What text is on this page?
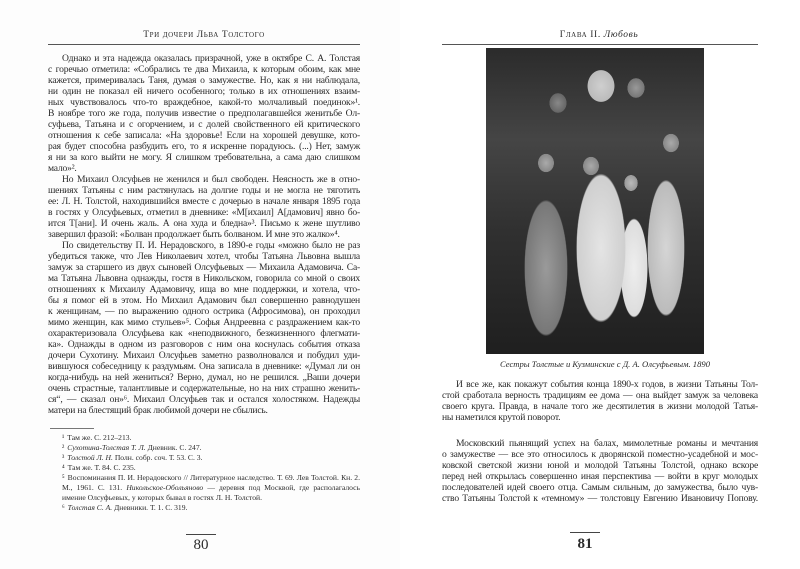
Три дочери Льва Толстого
Однако и эта надежда оказалась призрачной, уже в октябре С. А. Толстая
с горечью отметила: «Собрались те два Михаила, к которым обоим, как мне
кажется, примеривалась Таня, думая о замужестве. Но, как я ни наблюдала,
ни один не показал ей ничего особенного; только в их отношениях взаим-
ных чувствовалось что-то враждебное, какой-то молчаливый поединок»¹.
В ноябре того же года, получив известие о предполагавшейся женитьбе Ол-
суфьева, Татьяна и с огорчением, и с долей свойственного ей критического
отношения к себе записала: «На здоровье! Если на хорошей девушке, кото-
рая будет способна разбудить его, то я искренне порадуюсь. (...) Нет, замуж
я ни за кого выйти не могу. Я слишком требовательна, а сама даю слишком
мало»².
Но Михаил Олсуфьев не женился и был свободен. Неясность же в отно-
шениях Татьяны с ним растянулась на долгие годы и не могла не тяготить
ее: Л. Н. Толстой, находившийся вместе с дочерью в начале января 1895 года
в гостях у Олсуфьевых, отметил в дневнике: «М[ихаил] А[дамович] явно бо-
ится Т[ани]. И очень жаль. А она худа и бледна»³. Письмо к жене шутливо
завершил фразой: «Болван продолжает быть болваном. И мне это жалко»⁴.
По свидетельству П. И. Нерадовского, в 1890-е годы «можно было не раз
убедиться также, что Лев Николаевич хотел, чтобы Татьяна Львовна вышла
замуж за старшего из двух сыновей Олсуфьевых — Михаила Адамовича. Са-
ма Татьяна Львовна однажды, гостя в Никольском, говорила со мной о своих
отношениях к Михаилу Адамовичу, ища во мне поддержки, и хотела, что-
бы я помог ей в этом. Но Михаил Адамович был совершенно равнодушен
к женщинам, — по выражению одного острика (Афросимова), он проходил
мимо женщин, как мимо стульев»⁵. Софья Андреевна с раздражением как-то
охарактеризовала Олсуфьева как «неподвижного, безжизненного флегмати-
ка». Однажды в одном из разговоров с ним она коснулась события отказа
дочери Сухотину. Михаил Олсуфьев заметно разволновался и побудил уди-
вившуюся собеседницу к раздумьям. Она записала в дневнике: «Думал ли он
когда-нибудь на ней жениться? Верно, думал, но не решился. „Ваши дочери
очень страстные, талантливые и содержательные, но на них страшно женить-
ся“, — сказал он»⁶. Михаил Олсуфьев так и остался холостяком. Надежды
матери на блестящий брак любимой дочери не сбылись.
¹ Там же. С. 212–213.
² Сухотина-Толстая Т. Л. Дневник. С. 247.
³ Толстой Л. Н. Полн. собр. соч. Т. 53. С. 3.
⁴ Там же. Т. 84. С. 235.
⁵ Воспоминания П. И. Нерадовского // Литературное наследство. Т. 69. Лев Толстой. Кн. 2. М., 1961. С. 131. Никольское-Обольяново — деревня под Москвой, где располагалось имение Олсуфьевых, у которых бывал в гостях Л. Н. Толстой.
⁶ Толстая С. А. Дневники. Т. 1. С. 319.
80
Глава II. Любовь
81
Сестры Толстые и Кузминские с Д. А. Олсуфьевым. 1890
И все же, как покажут события конца 1890-х годов, в жизни Татьяны Тол-
стой сработала верность традициям ее дома — она выйдет замуж за человека
своего круга. Правда, в начале того же десятилетия в жизни молодой Татья-
ны наметился крутой поворот.
Московский пьянящий успех на балах, мимолетные романы и мечтания
о замужестве — все это относилось к дворянской поместно-усадебной и мос-
ковской светской жизни юной и молодой Татьяны Толстой, однако вскоре
перед ней открылась совершенно иная перспектива — войти в круг молодых
последователей идей своего отца. Самым сильным, до замужества, было чув-
ство Татьяны Толстой к «темному» — толстовцу Евгению Ивановичу Попову.
